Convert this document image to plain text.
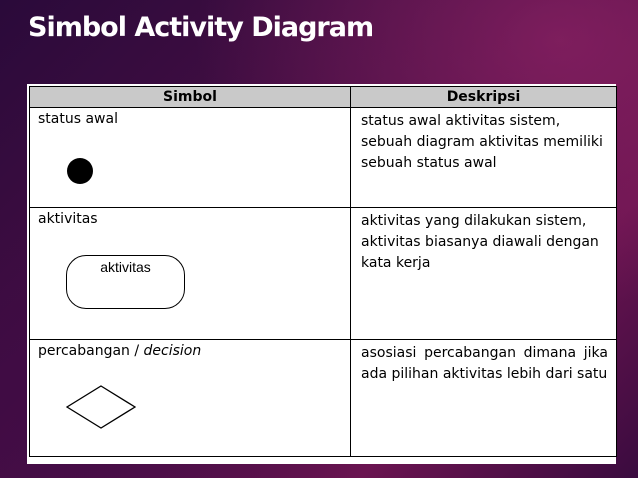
Simbol Activity Diagram
Simbol	Deskripsi

status awal	status awal aktivitas sistem, sebuah diagram aktivitas memiliki sebuah status awal

aktivitas
aktivitas	aktivitas yang dilakukan sistem, aktivitas biasanya diawali dengan kata kerja

percabangan / decision	asosiasi percabangan dimana jika ada pilihan aktivitas lebih dari satu
